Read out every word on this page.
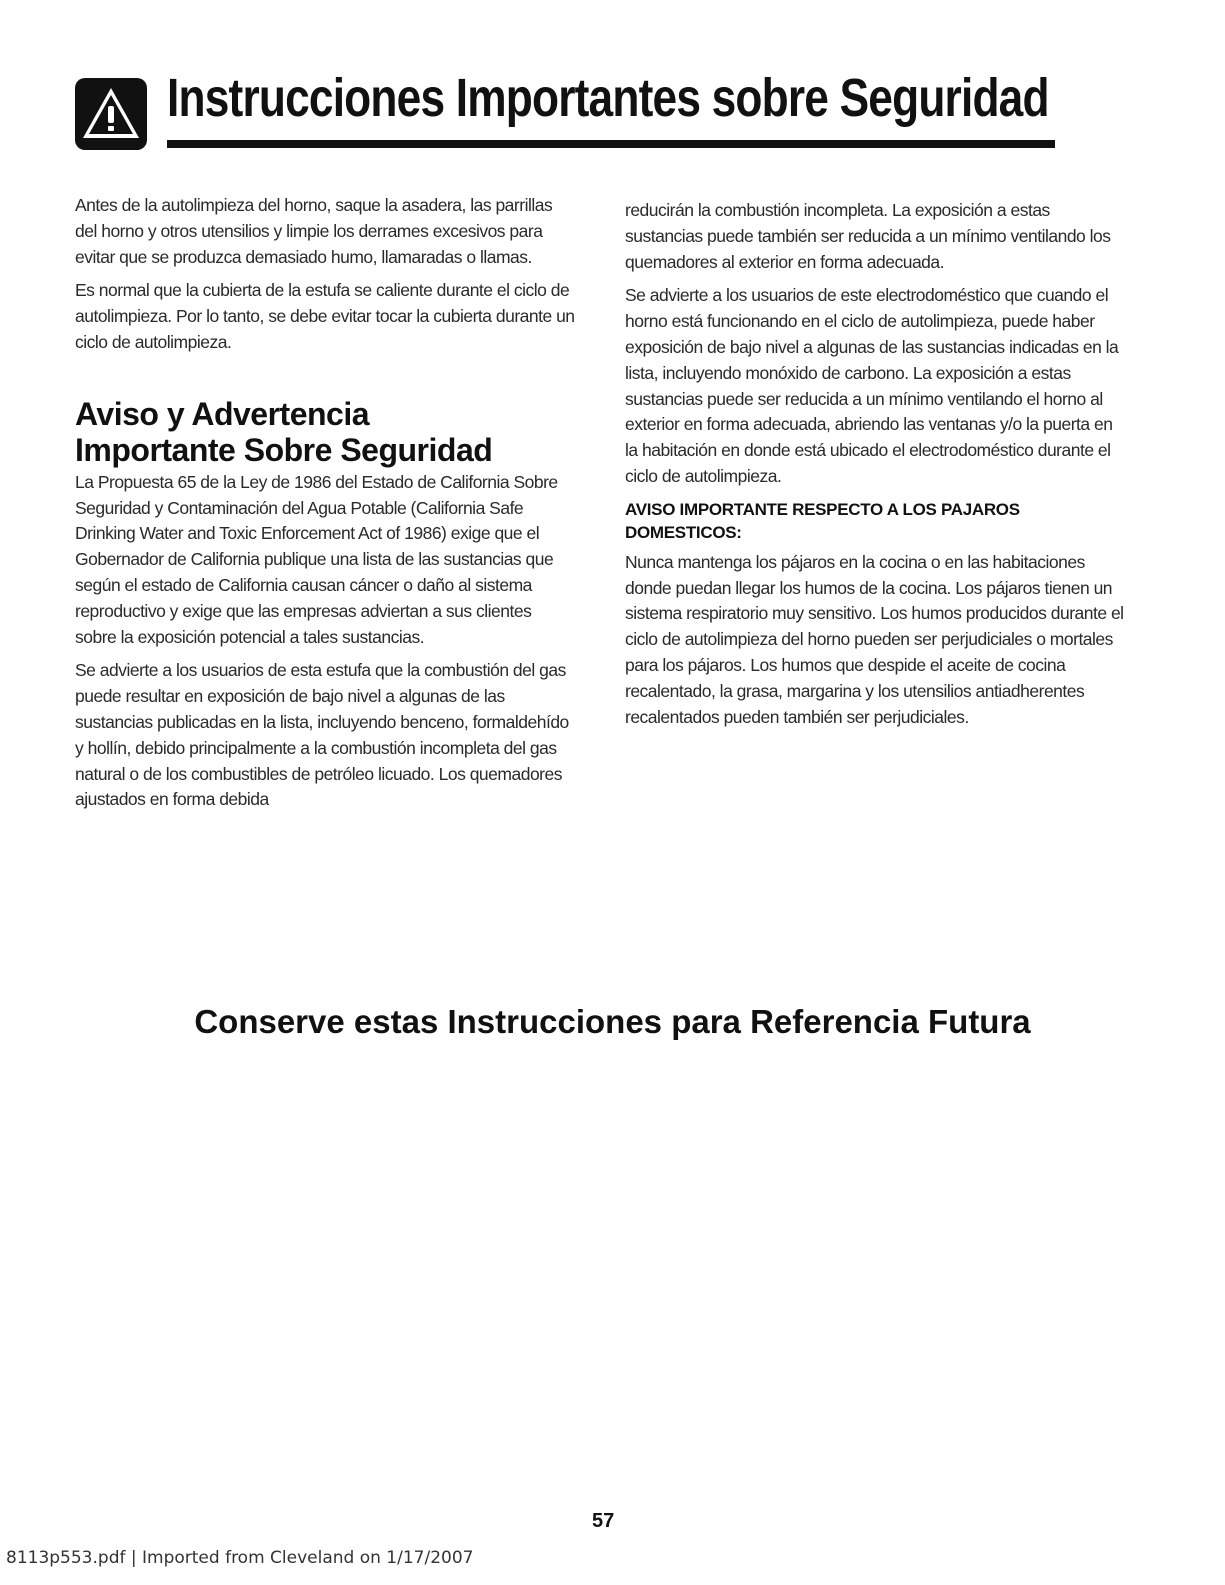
Instrucciones Importantes sobre Seguridad

Antes de la autolimpieza del horno, saque la asadera, las parrillas del horno y otros utensilios y limpie los derrames excesivos para evitar que se produzca demasiado humo, llamaradas o llamas.

Es normal que la cubierta de la estufa se caliente durante el ciclo de autolimpieza. Por lo tanto, se debe evitar tocar la cubierta durante un ciclo de autolimpieza.

Aviso y Advertencia
Importante Sobre Seguridad

La Propuesta 65 de la Ley de 1986 del Estado de California Sobre Seguridad y Contaminación del Agua Potable (California Safe Drinking Water and Toxic Enforcement Act of 1986) exige que el Gobernador de California publique una lista de las sustancias que según el estado de California causan cáncer o daño al sistema reproductivo y exige que las empresas adviertan a sus clientes sobre la exposición potencial a tales sustancias.

Se advierte a los usuarios de esta estufa que la combustión del gas puede resultar en exposición de bajo nivel a algunas de las sustancias publicadas en la lista, incluyendo benceno, formaldehído y hollín, debido principalmente a la combustión incompleta del gas natural o de los combustibles de petróleo licuado. Los quemadores ajustados en forma debida

reducirán la combustión incompleta. La exposición a estas sustancias puede también ser reducida a un mínimo ventilando los quemadores al exterior en forma adecuada.

Se advierte a los usuarios de este electrodoméstico que cuando el horno está funcionando en el ciclo de autolimpieza, puede haber exposición de bajo nivel a algunas de las sustancias indicadas en la lista, incluyendo monóxido de carbono. La exposición a estas sustancias puede ser reducida a un mínimo ventilando el horno al exterior en forma adecuada, abriendo las ventanas y/o la puerta en la habitación en donde está ubicado el electrodoméstico durante el ciclo de autolimpieza.

AVISO IMPORTANTE RESPECTO A LOS PAJAROS DOMESTICOS:

Nunca mantenga los pájaros en la cocina o en las habitaciones donde puedan llegar los humos de la cocina. Los pájaros tienen un sistema respiratorio muy sensitivo. Los humos producidos durante el ciclo de autolimpieza del horno pueden ser perjudiciales o mortales para los pájaros. Los humos que despide el aceite de cocina recalentado, la grasa, margarina y los utensilios antiadherentes recalentados pueden también ser perjudiciales.

Conserve estas Instrucciones para Referencia Futura
57
8113p553.pdf | Imported from Cleveland on 1/17/2007
